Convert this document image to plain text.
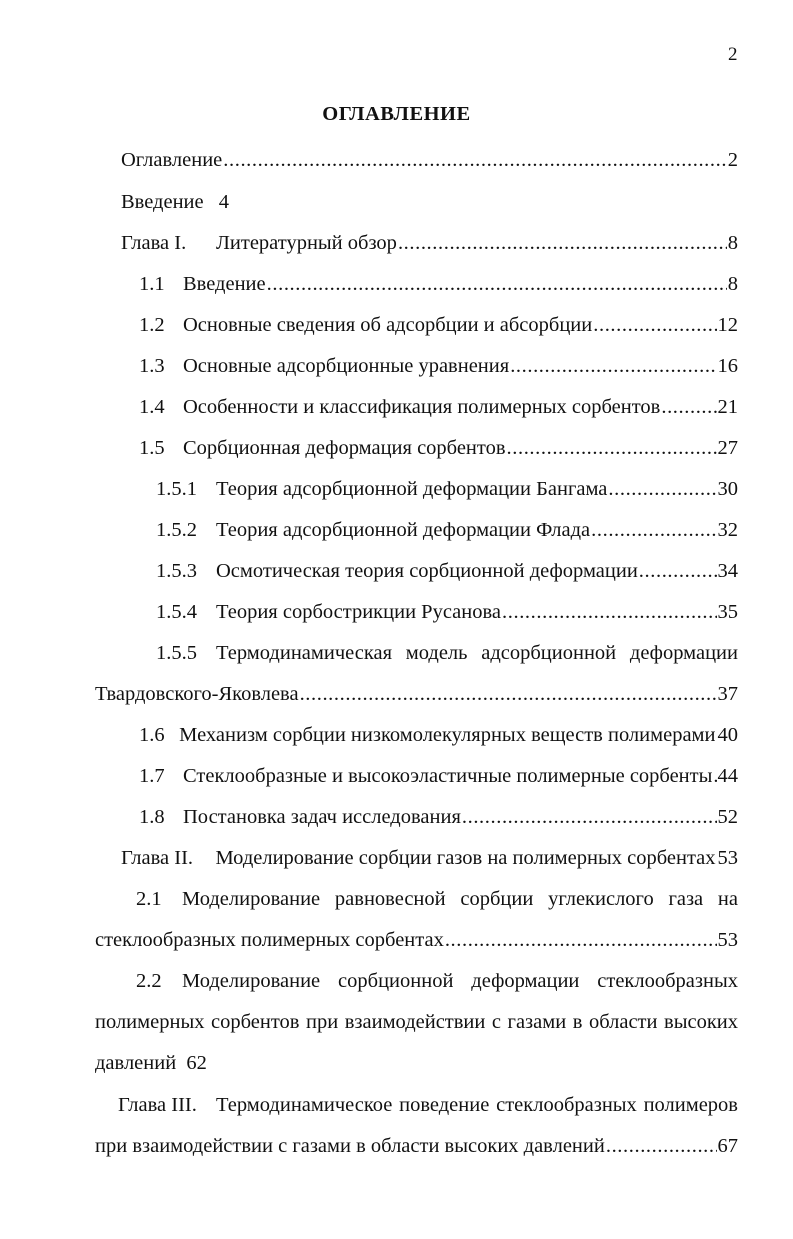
2
ОГЛАВЛЕНИЕ
Оглавление .....	2
Введение 4
Глава I.	Литературный обзор .....	8
1.1 Введение .....	8
1.2 Основные сведения об адсорбции и абсорбции .....	12
1.3 Основные адсорбционные уравнения .....	16
1.4 Особенности и классификация полимерных сорбентов .....	21
1.5 Сорбционная деформация сорбентов .....	27
1.5.1 Теория адсорбционной деформации Бангама .....	30
1.5.2 Теория адсорбционной деформации Флада .....	32
1.5.3 Осмотическая теория сорбционной деформации .....	34
1.5.4 Теория сорбострикции Русанова .....	35
1.5.5 Термодинамическая модель адсорбционной деформации
Твардовского-Яковлева .....	37
1.6 Механизм сорбции низкомолекулярных веществ полимерами 40
1.7 Стеклообразные и высокоэластичные полимерные сорбенты ..... 44
1.8 Постановка задач исследования .....	52
Глава II.	Моделирование сорбции газов на полимерных сорбентах 53
2.1 Моделирование равновесной сорбции углекислого газа на
стеклообразных полимерных сорбентах .....	53
2.2 Моделирование сорбционной деформации стеклообразных
полимерных сорбентов при взаимодействии с газами в области высоких
давлений 62
Глава III. Термодинамическое поведение стеклообразных полимеров
при взаимодействии с газами в области высоких давлений .....	67
